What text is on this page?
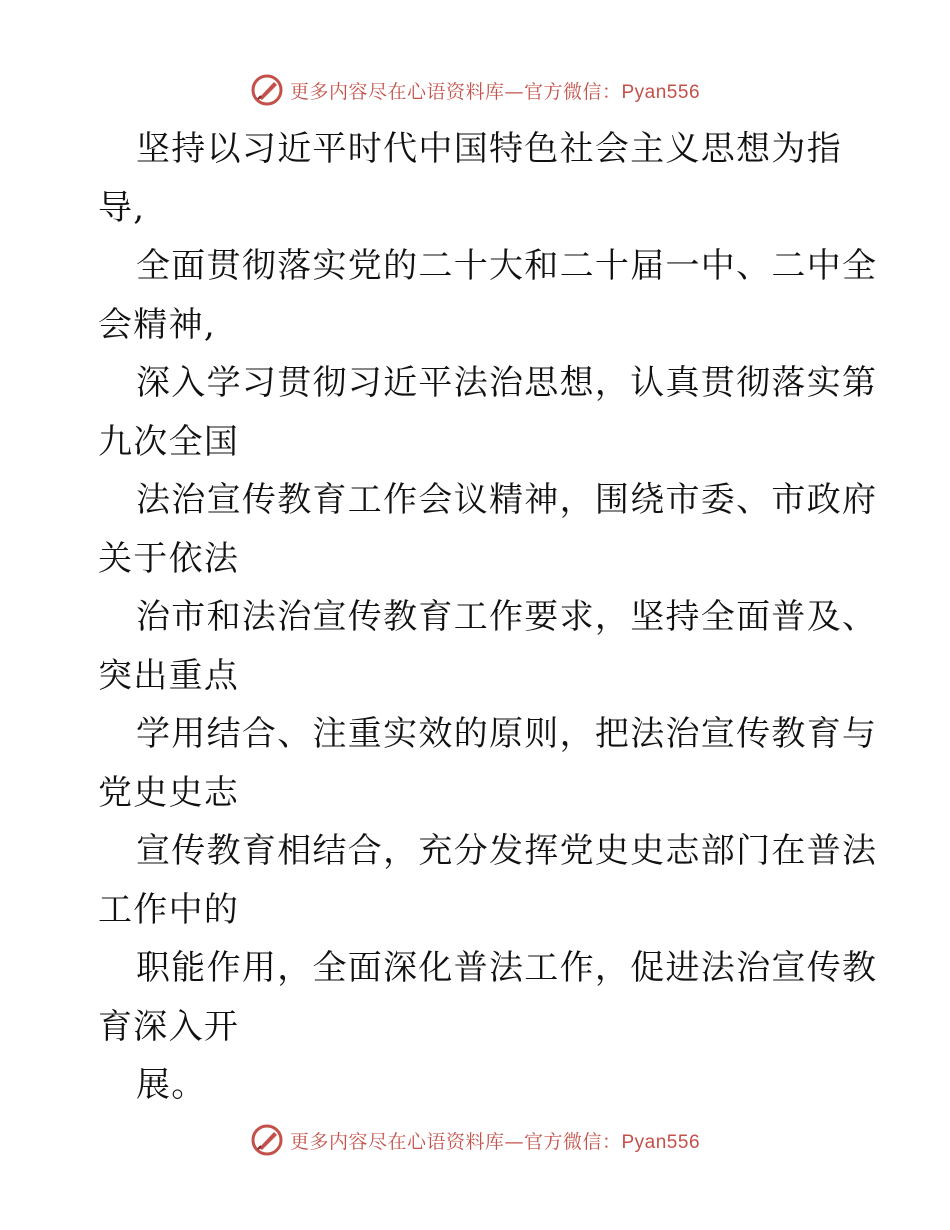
更多内容尽在心语资料库—官方微信：Pyan556
坚持以习近平时代中国特色社会主义思想为指
导,
全面贯彻落实党的二十大和二十届一中、二中全
会精神,
深入学习贯彻习近平法治思想，认真贯彻落实第
九次全国
法治宣传教育工作会议精神，围绕市委、市政府
关于依法
治市和法治宣传教育工作要求，坚持全面普及、
突出重点
学用结合、注重实效的原则，把法治宣传教育与
党史史志
宣传教育相结合，充分发挥党史史志部门在普法
工作中的
职能作用，全面深化普法工作，促进法治宣传教
育深入开
展。
更多内容尽在心语资料库—官方微信：Pyan556
